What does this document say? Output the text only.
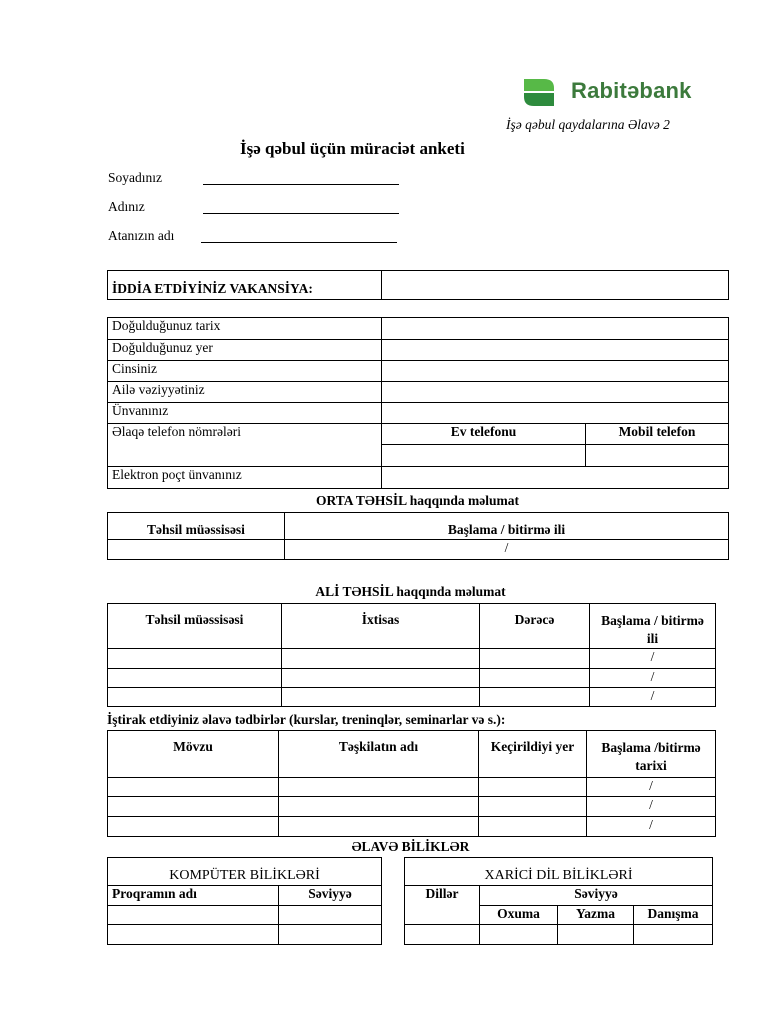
Rabitəbank
İşə qəbul qaydalarına Əlavə 2
İşə qəbul üçün müraciət anketi
Soyadınız
Adınız
Atanızın adı
İDDİA ETDİYİNİZ VAKANSİYA:	
Doğulduğunuz tarix		
Doğulduğunuz yer		
Cinsiniz		
Ailə vəziyyətiniz		
Ünvanınız		
Əlaqə telefon nömrələri	Ev telefonu	Mobil telefon

Elektron poçt ünvanınız		
ORTA TƏHSİL haqqında məlumat
Təhsil müəssisəsi	Başlama / bitirmə ili
	/
ALİ TƏHSİL haqqında məlumat
Təhsil müəssisəsi	İxtisas	Dərəcə	Başlama / bitirmə ili
			/
			/
			/
İştirak etdiyiniz əlavə tədbirlər (kurslar, treninqlər, seminarlar və s.):
Mövzu	Təşkilatın adı	Keçirildiyi yer	Başlama /bitirmə tarixi
			/
			/
			/
ƏLAVƏ BİLİKLƏR
KOMPÜTER BİLİKLƏRİ	
Proqramın adı	Səviyyə

XARİCİ DİL BİLİKLƏRİ			
Dillər	Səviyyə		
	Oxuma	Yazma	Danışma
